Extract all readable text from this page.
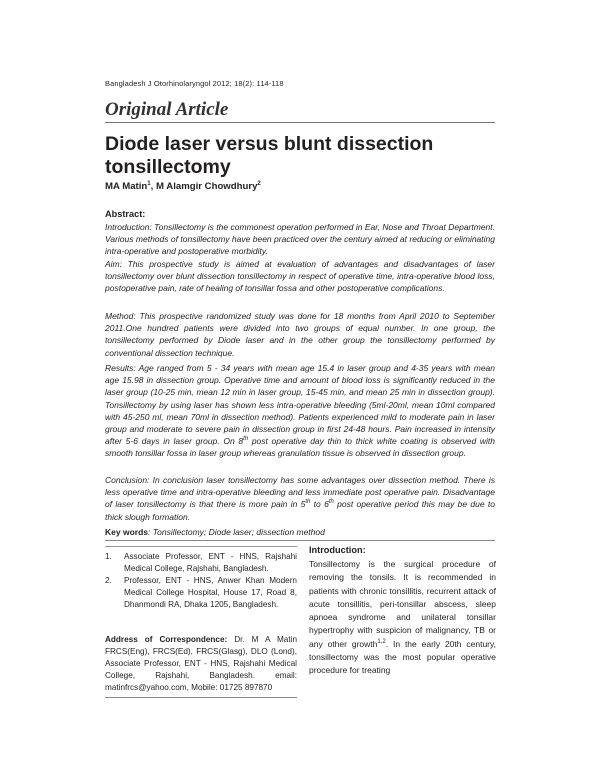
Bangladesh J Otorhinolaryngol 2012; 18(2): 114-118
Original Article
Diode laser versus blunt dissection tonsillectomy
MA Matin$^1$, M Alamgir Chowdhury$^2$
Abstract:

Introduction: Tonsillectomy is the commonest operation performed in Ear, Nose and Throat Department. Various methods of tonsillectomy have been practiced over the century aimed at reducing or eliminating intra-operative and postoperative morbidity.

Aim: This prospective study is aimed at evaluation of advantages and disadvantages of laser tonsillectomy over blunt dissection tonsillectomy in respect of operative time, intra-operative blood loss, postoperative pain, rate of healing of tonsillar fossa and other postoperative complications.

Method: This prospective randomized study was done for 18 months from April 2010 to September 2011.One hundred patients were divided into two groups of equal number. In one group, the tonsillectomy performed by Diode laser and in the other group the tonsillectomy performed by conventional dissection technique.

Results: Age ranged from 5 - 34 years with mean age 15.4 in laser group and 4-35 years with mean age 15.98 in dissection group. Operative time and amount of blood loss is significantly reduced in the laser group (10-25 min, mean 12 min in laser group, 15-45 min, and mean 25 min in dissection group). Tonsillectomy by using laser has shown less intra-operative bleeding (5ml-20ml, mean 10ml compared with 45-250 ml, mean 70ml in dissection method). Patients experienced mild to moderate pain in laser group and moderate to severe pain in dissection group in first 24-48 hours. Pain increased in intensity after 5-6 days in laser group. On 8th post operative day thin to thick white coating is observed with smooth tonsillar fossa in laser group whereas granulation tissue is observed in dissection group.

Conclusion: In conclusion laser tonsillectomy has some advantages over dissection method. There is less operative time and intra-operative bleeding and less immediate post operative pain. Disadvantage of laser tonsillectomy is that there is more pain in 5th to 6th post operative period this may be due to thick slough formation.

Key words: Tonsillectomy; Diode laser; dissection method
1. Associate Professor, ENT - HNS, Rajshahi Medical College, Rajshahi, Bangladesh.
2. Professor, ENT - HNS, Anwer Khan Modern Medical College Hospital, House 17, Road 8, Dhanmondi RA, Dhaka 1205, Bangladesh.

Address of Correspondence: Dr. M A Matin FRCS(Eng), FRCS(Ed), FRCS(Glasg), DLO (Lond), Associate Professor, ENT - HNS, Rajshahi Medical College, Rajshahi, Bangladesh. email: matinfrcs@yahoo.com, Mobile: 01725 897870

Introduction:

Tonsillectomy is the surgical procedure of removing the tonsils. It is recommended in patients with chronic tonsillitis, recurrent attack of acute tonsillitis, peri-tonsillar abscess, sleep apnoea syndrome and unilateral tonsillar hypertrophy with suspicion of malignancy, TB or any other growth$^{1,2}$. In the early 20th century, tonsillectomy was the most popular operative procedure for treating
